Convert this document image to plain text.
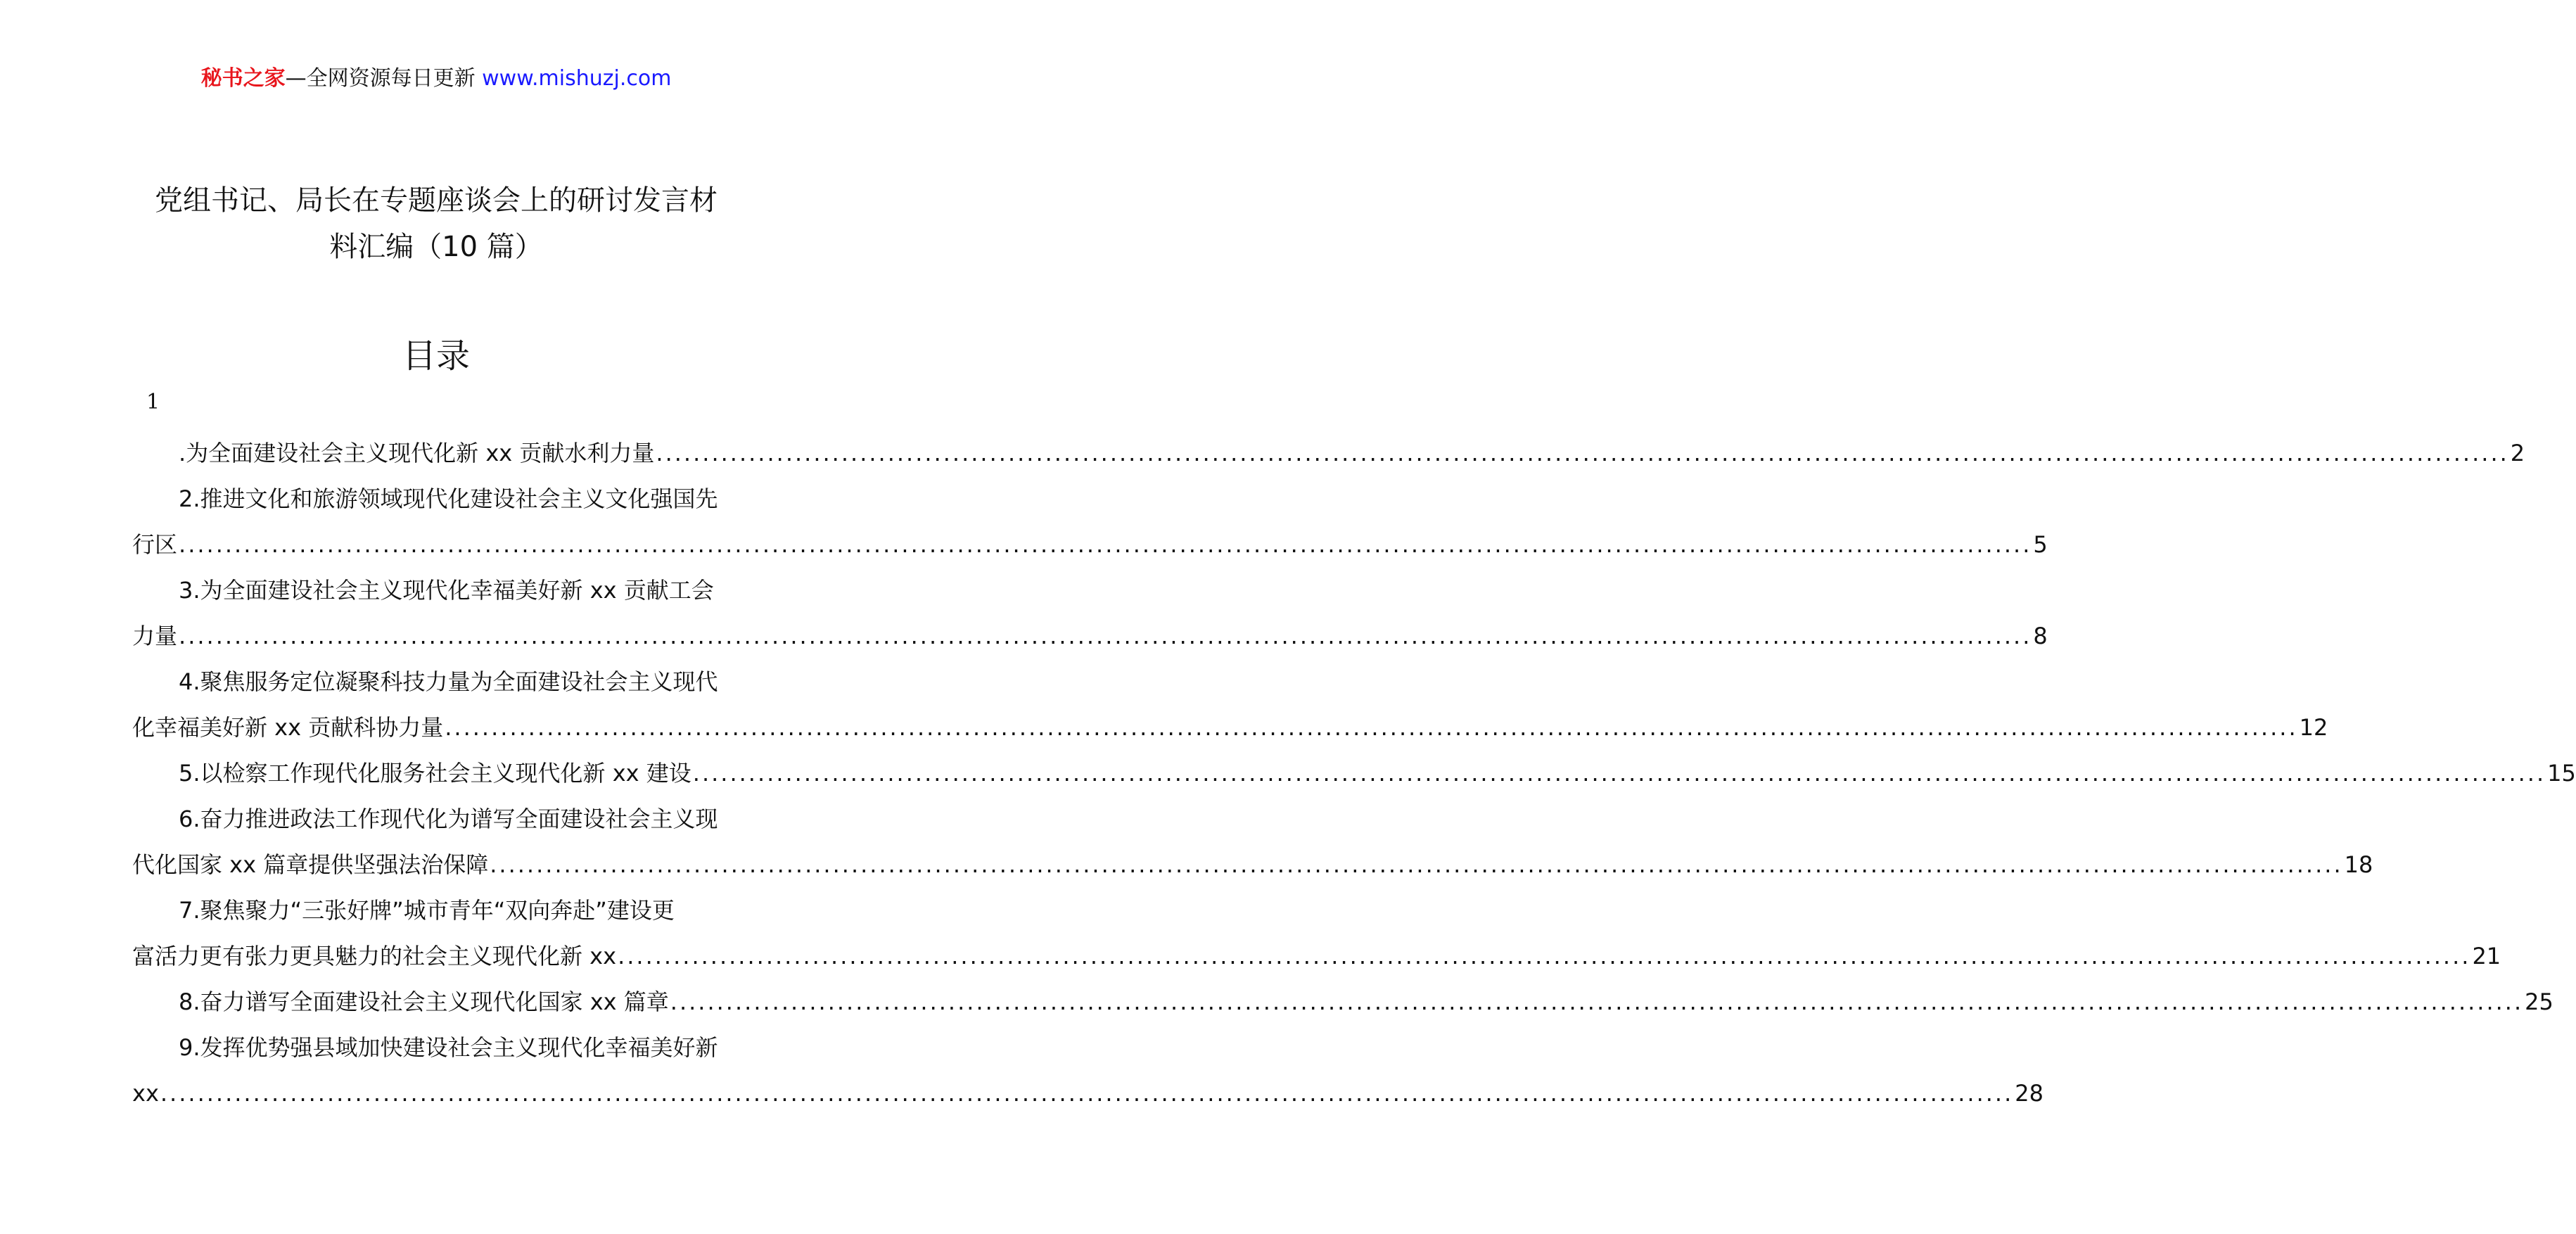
秘书之家—全网资源每日更新 www.mishuzj.com
党组书记、局长在专题座谈会上的研讨发言材
料汇编（10 篇）
目录
1
.为全面建设社会主义现代化新 xx 贡献水利力量 ........................................................................................................................................................................................................ 2
2.推进文化和旅游领域现代化建设社会主义文化强国先
行区 ........................................................................................................................................................................................................ 5
3.为全面建设社会主义现代化幸福美好新 xx 贡献工会
力量 ........................................................................................................................................................................................................ 8
4.聚焦服务定位凝聚科技力量为全面建设社会主义现代
化幸福美好新 xx 贡献科协力量 ........................................................................................................................................................................................................ 12
5.以检察工作现代化服务社会主义现代化新 xx 建设 ........................................................................................................................................................................................................ 15
6.奋力推进政法工作现代化为谱写全面建设社会主义现
代化国家 xx 篇章提供坚强法治保障 ........................................................................................................................................................................................................ 18
7.聚焦聚力“三张好牌”城市青年“双向奔赴”建设更
富活力更有张力更具魅力的社会主义现代化新 xx ........................................................................................................................................................................................................ 21
8.奋力谱写全面建设社会主义现代化国家 xx 篇章 ........................................................................................................................................................................................................ 25
9.发挥优势强县域加快建设社会主义现代化幸福美好新
xx ........................................................................................................................................................................................................ 28
